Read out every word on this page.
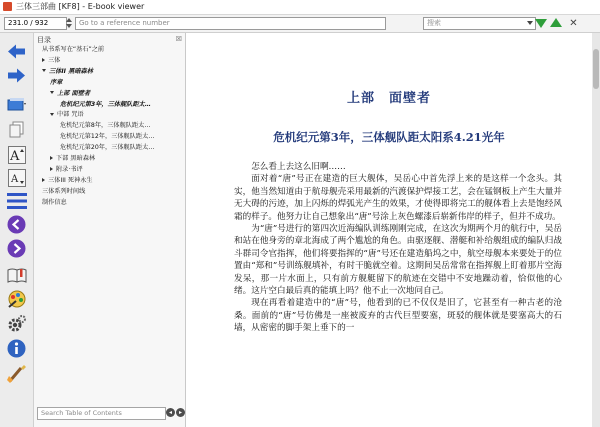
三体三部曲 [KF8] - E-book viewer
231.0 / 932	Go to a reference number	搜索	✕
A
A
目录	☒
从书系写在“基石”之前
三体
三体II 黑暗森林
序章
上部 面壁者
危机纪元第3年，三体舰队距太…
中部 咒语
危机纪元第8年，三体舰队距太…
危机纪元第12年，三体舰队距太…
危机纪元第20年，三体舰队距太…
下部 黑暗森林
附录·书评
三体III 死神永生
三体系列时间线
制作信息
Search Table of Contents	◂	▸
上部　面壁者
危机纪元第3年，三体舰队距太阳系4.21光年

怎么看上去这么旧啊……

面对着“唐”号正在建造的巨大舰体，吴岳心中首先浮上来的是这样一个念头。其实，他当然知道由于航母舰壳采用最新的汽渡保护焊接工艺，会在锰钢板上产生大量并无大碍的污迹，加上闪烁的焊弧光产生的效果，才使得即将完工的舰体看上去是饱经风霜的样子。他努力让自己想象出“唐”号涂上灰色螺漆后崭新伟岸的样子，但并不成功。

为“唐”号进行的第四次近海编队训练刚刚完成，在这次为期两个月的航行中，吴岳和站在他身旁的章北海成了两个尴尬的角色。由驱逐舰、潜艇和补给舰组成的编队归战斗群司令官指挥，他们将要指挥的“唐”号还在建造船坞之中，航空母舰本来要处于的位置由“郑和”号训练舰填补，有时干脆就空着。这期间吴岳常常在指挥舰上盯着那片空海发呆，那一片水面上，只有前方舰艇留下的航迹在交错中不安地躁动着，恰似他的心绪。这片空白最后真的能填上吗？他不止一次地问自己。

现在再看着建造中的“唐”号，他看到的已不仅仅是旧了，它甚至有一种古老的沧桑。面前的“唐”号仿佛是一座被废弃的古代巨型要塞，斑驳的舰体就是要塞高大的石墙，从密密的脚手架上垂下的一
